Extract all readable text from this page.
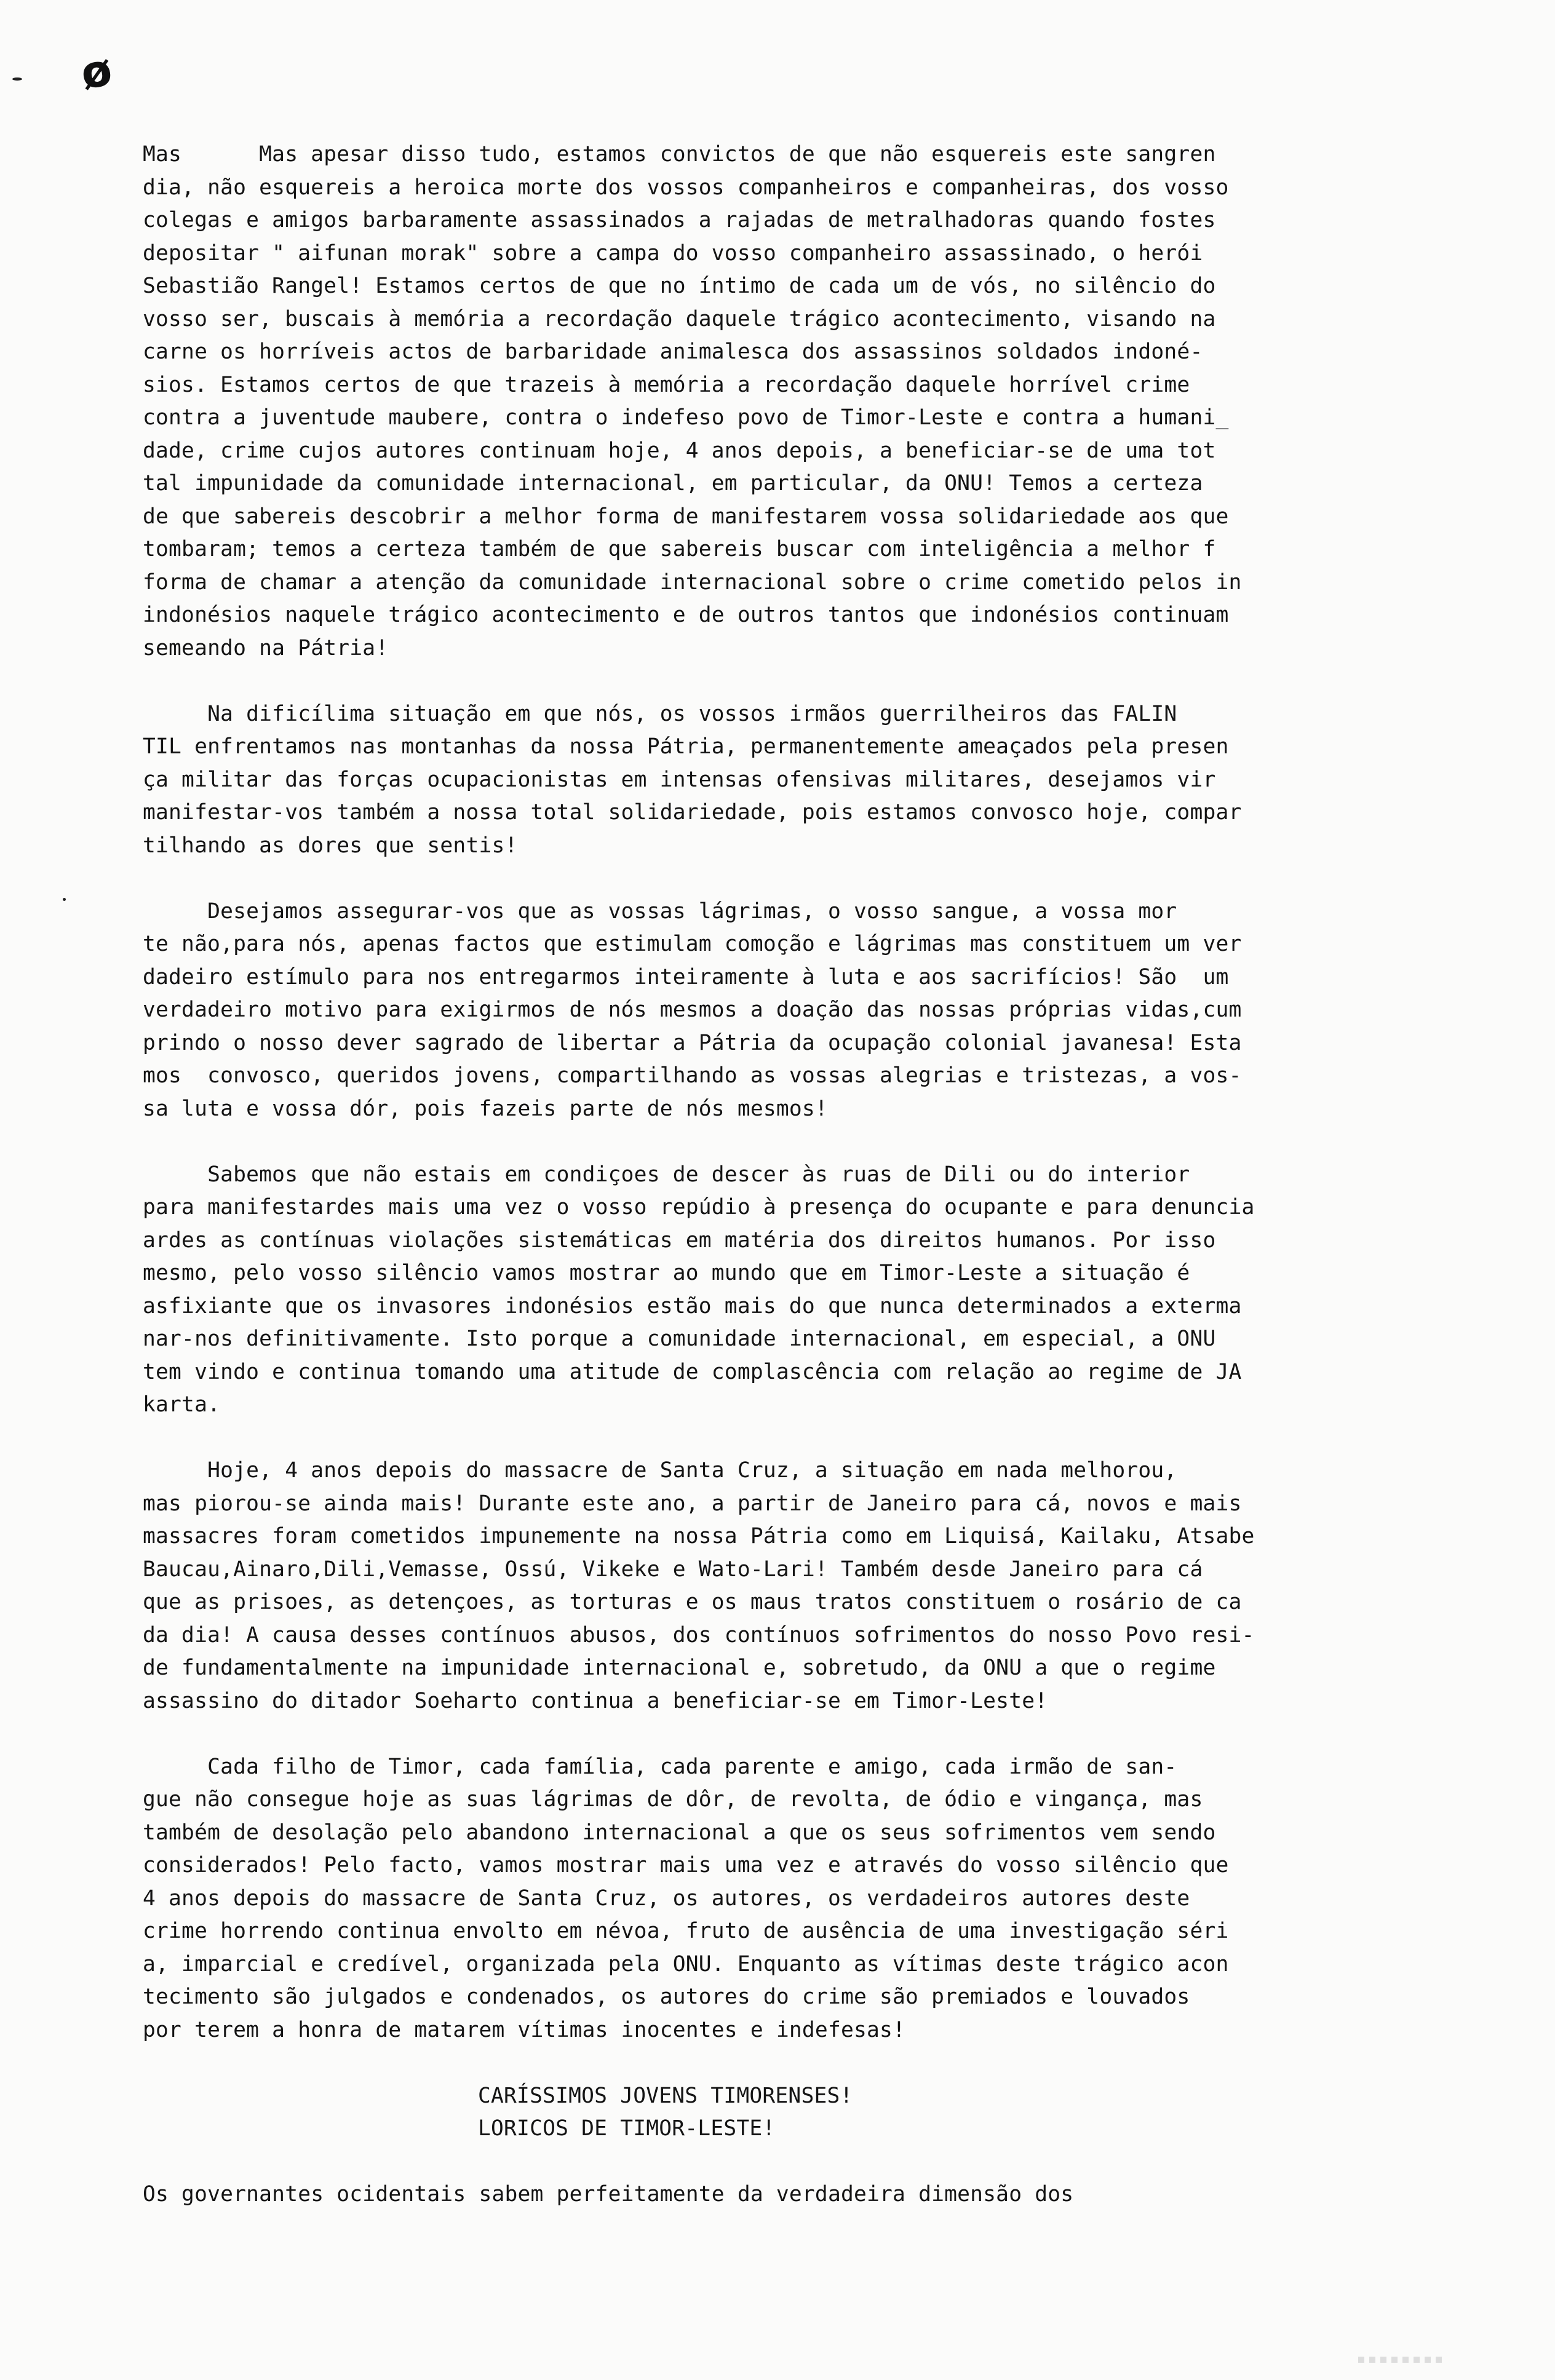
ø
Mas      Mas apesar disso tudo, estamos convictos de que não esquereis este sangren
dia, não esquereis a heroica morte dos vossos companheiros e companheiras, dos vosso
colegas e amigos barbaramente assassinados a rajadas de metralhadoras quando fostes
depositar " aifunan morak" sobre a campa do vosso companheiro assassinado, o herói
Sebastião Rangel! Estamos certos de que no íntimo de cada um de vós, no silêncio do
vosso ser, buscais à memória a recordação daquele trágico acontecimento, visando na
carne os horríveis actos de barbaridade animalesca dos assassinos soldados indoné-
sios. Estamos certos de que trazeis à memória a recordação daquele horrível crime
contra a juventude maubere, contra o indefeso povo de Timor-Leste e contra a humani_
dade, crime cujos autores continuam hoje, 4 anos depois, a beneficiar-se de uma tot
tal impunidade da comunidade internacional, em particular, da ONU! Temos a certeza
de que sabereis descobrir a melhor forma de manifestarem vossa solidariedade aos que
tombaram; temos a certeza também de que sabereis buscar com inteligência a melhor f
forma de chamar a atenção da comunidade internacional sobre o crime cometido pelos in
indonésios naquele trágico acontecimento e de outros tantos que indonésios continuam
semeando na Pátria!
Na dificílima situação em que nós, os vossos irmãos guerrilheiros das FALIN
TIL enfrentamos nas montanhas da nossa Pátria, permanentemente ameaçados pela presen
ça militar das forças ocupacionistas em intensas ofensivas militares, desejamos vir
manifestar-vos também a nossa total solidariedade, pois estamos convosco hoje, compar
tilhando as dores que sentis!
Desejamos assegurar-vos que as vossas lágrimas, o vosso sangue, a vossa mor
te não,para nós, apenas factos que estimulam comoção e lágrimas mas constituem um ver
dadeiro estímulo para nos entregarmos inteiramente à luta e aos sacrifícios! São  um
verdadeiro motivo para exigirmos de nós mesmos a doação das nossas próprias vidas,cum
prindo o nosso dever sagrado de libertar a Pátria da ocupação colonial javanesa! Esta
mos  convosco, queridos jovens, compartilhando as vossas alegrias e tristezas, a vos-
sa luta e vossa dór, pois fazeis parte de nós mesmos!
Sabemos que não estais em condiçoes de descer às ruas de Dili ou do interior
para manifestardes mais uma vez o vosso repúdio à presença do ocupante e para denuncia
ardes as contínuas violações sistemáticas em matéria dos direitos humanos. Por isso
mesmo, pelo vosso silêncio vamos mostrar ao mundo que em Timor-Leste a situação é
asfixiante que os invasores indonésios estão mais do que nunca determinados a exterma
nar-nos definitivamente. Isto porque a comunidade internacional, em especial, a ONU
tem vindo e continua tomando uma atitude de complascência com relação ao regime de JA
karta.
Hoje, 4 anos depois do massacre de Santa Cruz, a situação em nada melhorou,
mas piorou-se ainda mais! Durante este ano, a partir de Janeiro para cá, novos e mais
massacres foram cometidos impunemente na nossa Pátria como em Liquisá, Kailaku, Atsabe
Baucau,Ainaro,Dili,Vemasse, Ossú, Vikeke e Wato-Lari! Também desde Janeiro para cá
que as prisoes, as detençoes, as torturas e os maus tratos constituem o rosário de ca
da dia! A causa desses contínuos abusos, dos contínuos sofrimentos do nosso Povo resi-
de fundamentalmente na impunidade internacional e, sobretudo, da ONU a que o regime
assassino do ditador Soeharto continua a beneficiar-se em Timor-Leste!
Cada filho de Timor, cada família, cada parente e amigo, cada irmão de san-
gue não consegue hoje as suas lágrimas de dôr, de revolta, de ódio e vingança, mas
também de desolação pelo abandono internacional a que os seus sofrimentos vem sendo
considerados! Pelo facto, vamos mostrar mais uma vez e através do vosso silêncio que
4 anos depois do massacre de Santa Cruz, os autores, os verdadeiros autores deste
crime horrendo continua envolto em névoa, fruto de ausência de uma investigação séri
a, imparcial e credível, organizada pela ONU. Enquanto as vítimas deste trágico acon
tecimento são julgados e condenados, os autores do crime são premiados e louvados
por terem a honra de matarem vítimas inocentes e indefesas!
CARÍSSIMOS JOVENS TIMORENSES!
LORICOS DE TIMOR-LESTE!
Os governantes ocidentais sabem perfeitamente da verdadeira dimensão dos
